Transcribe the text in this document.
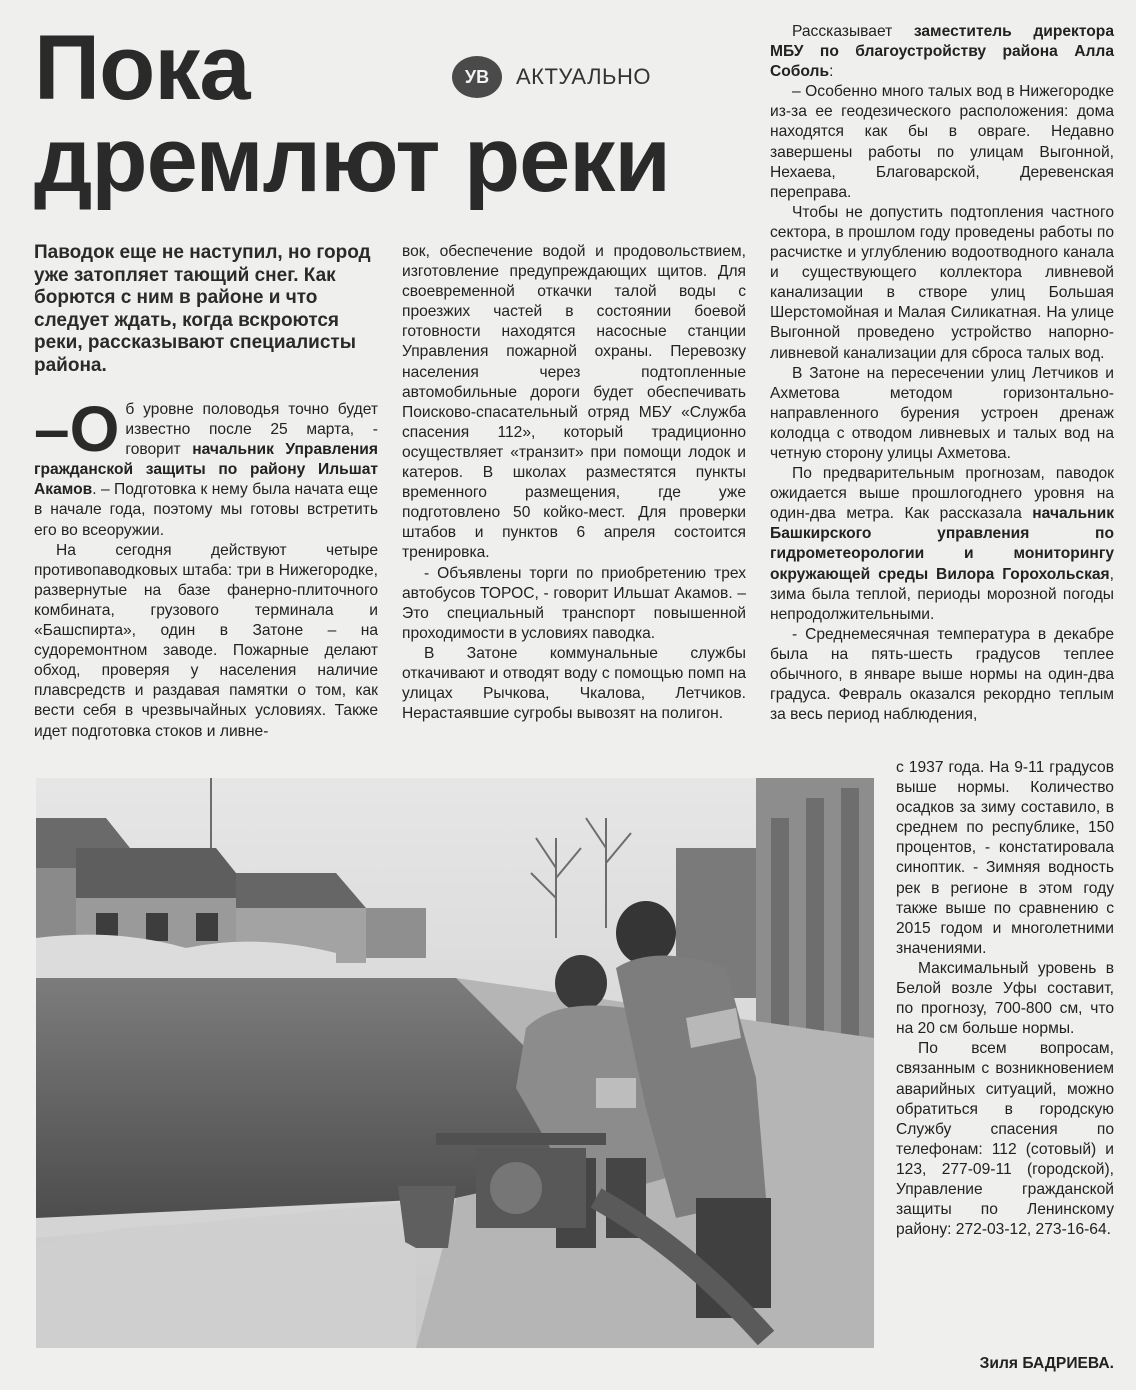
Пока
дремлют реки
УВ	АКТУАЛЬНО

Паводок еще не наступил, но город уже затопляет тающий снег. Как борются с ним в районе и что следует ждать, когда вскроются реки, рассказывают специалисты района.

–О б уровне половодья точно будет известно после 25 марта, - говорит начальник Управления гражданской защиты по району Ильшат Акамов. – Подготовка к нему была начата еще в начале года, поэтому мы готовы встретить его во всеоружии.

На сегодня действуют четыре противопаводковых штаба: три в Нижегородке, развернутые на базе фанерно-плиточного комбината, грузового терминала и «Башспирта», один в Затоне – на судоремонтном заводе. Пожарные делают обход, проверяя у населения наличие плавсредств и раздавая памятки о том, как вести себя в чрезвычайных условиях. Также идет подготовка стоков и ливне-

вок, обеспечение водой и продовольствием, изготовление предупреждающих щитов. Для своевременной откачки талой воды с проезжих частей в состоянии боевой готовности находятся насосные станции Управления пожарной охраны. Перевозку населения через подтопленные автомобильные дороги будет обеспечивать Поисково-спасательный отряд МБУ «Служба спасения 112», который традиционно осуществляет «транзит» при помощи лодок и катеров. В школах разместятся пункты временного размещения, где уже подготовлено 50 койко-мест. Для проверки штабов и пунктов 6 апреля состоится тренировка.

- Объявлены торги по приобретению трех автобусов ТОРОС, - говорит Ильшат Акамов. – Это специальный транспорт повышенной проходимости в условиях паводка.

В Затоне коммунальные службы откачивают и отводят воду с помощью помп на улицах Рычкова, Чкалова, Летчиков. Нерастаявшие сугробы вывозят на полигон.

Рассказывает заместитель директора МБУ по благоустройству района Алла Соболь:

– Особенно много талых вод в Нижегородке из-за ее геодезического расположения: дома находятся как бы в овраге. Недавно завершены работы по улицам Выгонной, Нехаева, Благоварской, Деревенская переправа.

Чтобы не допустить подтопления частного сектора, в прошлом году проведены работы по расчистке и углублению водоотводного канала и существующего коллектора ливневой канализации в створе улиц Большая Шерстомойная и Малая Силикатная. На улице Выгонной проведено устройство напорно-ливневой канализации для сброса талых вод.

В Затоне на пересечении улиц Летчиков и Ахметова методом горизонтально-направленного бурения устроен дренаж колодца с отводом ливневых и талых вод на четную сторону улицы Ахметова.

По предварительным прогнозам, паводок ожидается выше прошлогоднего уровня на один-два метра. Как рассказала начальник Башкирского управления по гидрометеорологии и мониторингу окружающей среды Вилора Горохольская, зима была теплой, периоды морозной погоды непродолжительными.

- Среднемесячная температура в декабре была на пять-шесть градусов теплее обычного, в январе выше нормы на один-два градуса. Февраль оказался рекордно теплым за весь период наблюдения,

с 1937 года. На 9-11 градусов выше нормы. Количество осадков за зиму составило, в среднем по республике, 150 процентов, - констатировала синоптик. - Зимняя водность рек в регионе в этом году также выше по сравнению с 2015 годом и многолетними значениями.

Максимальный уровень в Белой возле Уфы составит, по прогнозу, 700-800 см, что на 20 см больше нормы.

По всем вопросам, связанным с возникновением аварийных ситуаций, можно обратиться в городскую Службу спасения по телефонам: 112 (сотовый) и 123, 277-09-11 (городской), Управление гражданской защиты по Ленинскому району: 272-03-12, 273-16-64.

Зиля БАДРИЕВА.
